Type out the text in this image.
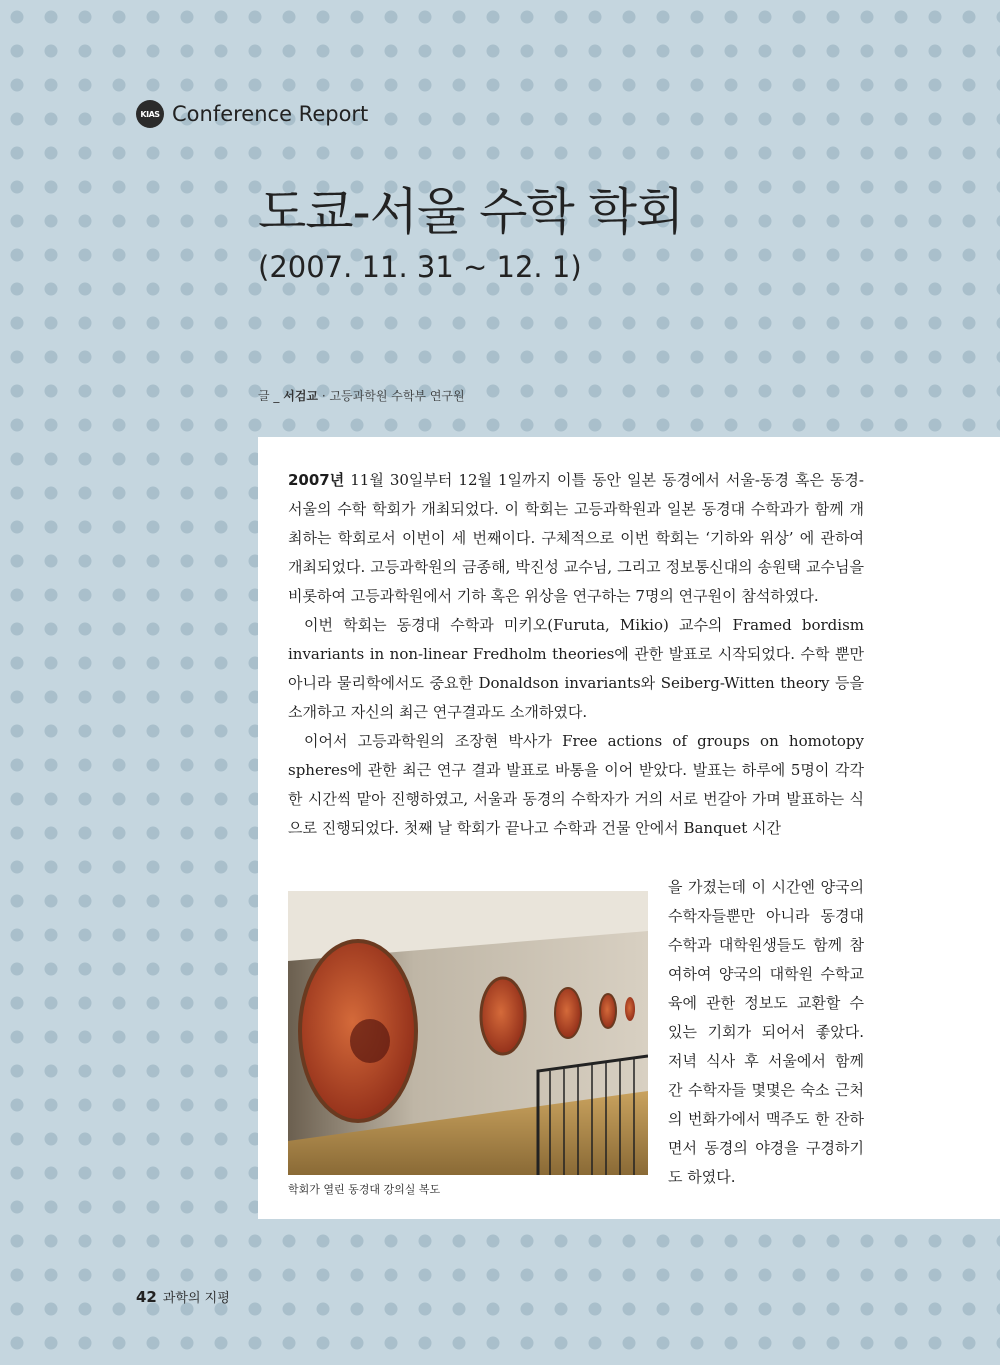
KIAS Conference Report
도쿄-서울 수학 학회
(2007. 11. 31 ~ 12. 1)
글 _ 서검교 · 고등과학원 수학부 연구원

2007년 11월 30일부터 12월 1일까지 이틀 동안 일본 동경에서 서울-동경 혹은 동경-서울의 수학 학회가 개최되었다. 이 학회는 고등과학원과 일본 동경대 수학과가 함께 개최하는 학회로서 이번이 세 번째이다. 구체적으로 이번 학회는 ‘기하와 위상’ 에 관하여 개최되었다. 고등과학원의 금종해, 박진성 교수님, 그리고 정보통신대의 송원택 교수님을 비롯하여 고등과학원에서 기하 혹은 위상을 연구하는 7명의 연구원이 참석하였다.

이번 학회는 동경대 수학과 미키오(Furuta, Mikio) 교수의 Framed bordism invariants in non-linear Fredholm theories에 관한 발표로 시작되었다. 수학 뿐만 아니라 물리학에서도 중요한 Donaldson invariants와 Seiberg-Witten theory 등을 소개하고 자신의 최근 연구결과도 소개하였다.

이어서 고등과학원의 조장현 박사가 Free actions of groups on homotopy spheres에 관한 최근 연구 결과 발표로 바통을 이어 받았다. 발표는 하루에 5명이 각각 한 시간씩 맡아 진행하였고, 서울과 동경의 수학자가 거의 서로 번갈아 가며 발표하는 식으로 진행되었다. 첫째 날 학회가 끝나고 수학과 건물 안에서 Banquet 시간

학회가 열린 동경대 강의실 복도

을 가졌는데 이 시간엔 양국의 수학자들뿐만 아니라 동경대 수학과 대학원생들도 함께 참여하여 양국의 대학원 수학교육에 관한 정보도 교환할 수 있는 기회가 되어서 좋았다. 저녁 식사 후 서울에서 함께 간 수학자들 몇몇은 숙소 근처의 번화가에서 맥주도 한 잔하면서 동경의 야경을 구경하기도 하였다.

42 과학의 지평
